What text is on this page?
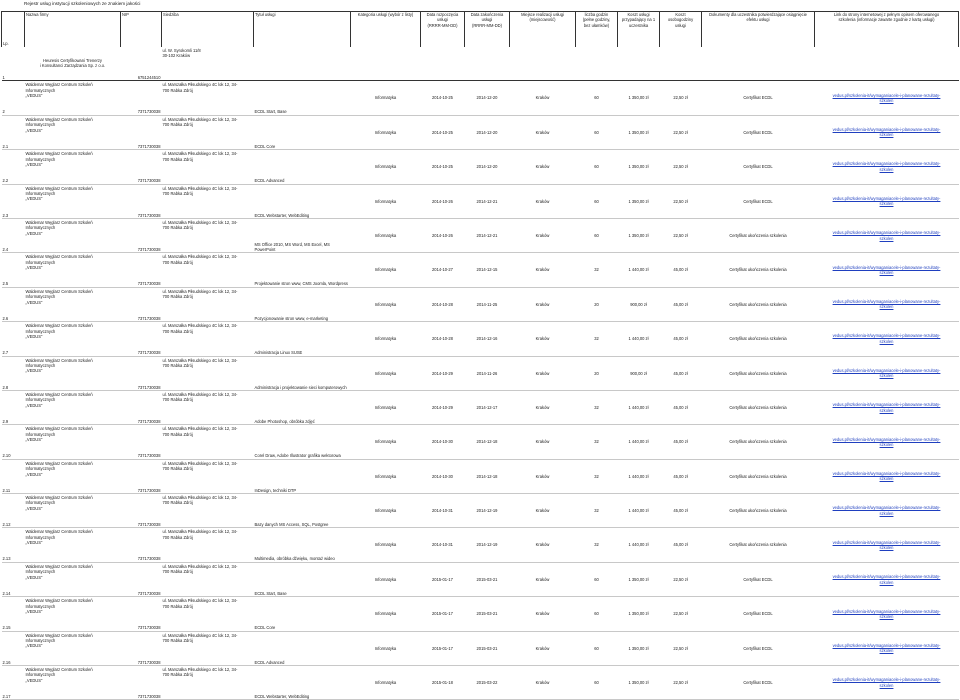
Rejestr usług instytucji szkoleniowych ze znakiem jakości
Lp.	Nazwa firmy	NIP	Siedziba	Tytuł usługi	Kategoria usługi (wybór z listy)	Data rozpoczęcia
usługi
(RRRR-MM-DD)	Data zakończenia
usługi
(RRRR-MM-DD)	Miejsce realizacji usługi
(miejscowość)	liczba godzin
(pełne godziny,
bez ułamków)	Koszt usługi
przypadający na 1
uczestnika	Koszt
osobogodziny
usługi	Dokumenty dla uczestnika potwierdzające osiągnięcie
efektu usługi	Link do strony internetowej z pełnym opisem oferowanego
szkolenia (informacje zawarte zgodnie z kartą usługi)

1	Heuresis Certyfikowani Trenerzy
i Konsultanci Zarządzania Sp. z o.o.	6751244510	ul. W. Syrokomli 11/8
30-102 Kraków										

2	Waldemar Węglarz Centrum Szkoleń
Informatycznych
„VEDUS”	7371730038	ul. Marszałka Piłsudskiego 4C lok 12, 34-
700 Rabka Zdrój	ECDL Start, Base	Informatyka	2014-10-25	2014-12-20	Kraków	60	1 350,00 zł	22,50 zł	Certyfikat ECDL	vedus.pl/szkolenia-it/wymaganiacele-i-planowane-rezultaty-
szkolen

2.1	Waldemar Węglarz Centrum Szkoleń
Informatycznych
„VEDUS”	7371730038	ul. Marszałka Piłsudskiego 4C lok 12, 34-
700 Rabka Zdrój	ECDL Core	Informatyka	2014-10-25	2014-12-20	Kraków	60	1 350,00 zł	22,50 zł	Certyfikat ECDL	vedus.pl/szkolenia-it/wymaganiacele-i-planowane-rezultaty-
szkolen

2.2	Waldemar Węglarz Centrum Szkoleń
Informatycznych
„VEDUS”	7371730038	ul. Marszałka Piłsudskiego 4C lok 12, 34-
700 Rabka Zdrój	ECDL Advanced	Informatyka	2014-10-25	2014-12-20	Kraków	60	1 350,00 zł	22,50 zł	Certyfikat ECDL	vedus.pl/szkolenia-it/wymaganiacele-i-planowane-rezultaty-
szkolen

2.3	Waldemar Węglarz Centrum Szkoleń
Informatycznych
„VEDUS”	7371730038	ul. Marszałka Piłsudskiego 4C lok 12, 34-
700 Rabka Zdrój	ECDL Webstarter, WebEditing	Informatyka	2014-10-26	2014-12-21	Kraków	60	1 350,00 zł	22,50 zł	Certyfikat ECDL	vedus.pl/szkolenia-it/wymaganiacele-i-planowane-rezultaty-
szkolen

2.4	Waldemar Węglarz Centrum Szkoleń
Informatycznych
„VEDUS”	7371730038	ul. Marszałka Piłsudskiego 4C lok 12, 34-
700 Rabka Zdrój	MS Office 2010, MS Word, MS Excel, MS PowerPoint	Informatyka	2014-10-26	2014-12-21	Kraków	60	1 350,00 zł	22,50 zł	Certyfikat ukończenia szkolenia	vedus.pl/szkolenia-it/wymaganiacele-i-planowane-rezultaty-
szkolen

2.5	Waldemar Węglarz Centrum Szkoleń
Informatycznych
„VEDUS”	7371730038	ul. Marszałka Piłsudskiego 4C lok 12, 34-
700 Rabka Zdrój	Projektowanie stron www, CMS Joomla, Wordpress	Informatyka	2014-10-27	2014-12-15	Kraków	32	1 440,00 zł	45,00 zł	Certyfikat ukończenia szkolenia	vedus.pl/szkolenia-it/wymaganiacele-i-planowane-rezultaty-
szkolen

2.6	Waldemar Węglarz Centrum Szkoleń
Informatycznych
„VEDUS”	7371730038	ul. Marszałka Piłsudskiego 4C lok 12, 34-
700 Rabka Zdrój	Pozycjonowanie stron www, e-marketing	Informatyka	2014-10-28	2014-11-25	Kraków	20	900,00 zł	45,00 zł	Certyfikat ukończenia szkolenia	vedus.pl/szkolenia-it/wymaganiacele-i-planowane-rezultaty-
szkolen

2.7	Waldemar Węglarz Centrum Szkoleń
Informatycznych
„VEDUS”	7371730038	ul. Marszałka Piłsudskiego 4C lok 12, 34-
700 Rabka Zdrój	Administracja Linux SUSE	Informatyka	2014-10-28	2014-12-16	Kraków	32	1 440,00 zł	45,00 zł	Certyfikat ukończenia szkolenia	vedus.pl/szkolenia-it/wymaganiacele-i-planowane-rezultaty-
szkolen

2.8	Waldemar Węglarz Centrum Szkoleń
Informatycznych
„VEDUS”	7371730038	ul. Marszałka Piłsudskiego 4C lok 12, 34-
700 Rabka Zdrój	Administracja i projektowanie sieci komputerowych	Informatyka	2014-10-29	2014-11-26	Kraków	20	900,00 zł	45,00 zł	Certyfikat ukończenia szkolenia	vedus.pl/szkolenia-it/wymaganiacele-i-planowane-rezultaty-
szkolen

2.9	Waldemar Węglarz Centrum Szkoleń
Informatycznych
„VEDUS”	7371730038	ul. Marszałka Piłsudskiego 4C lok 12, 34-
700 Rabka Zdrój	Adobe Photoshop, obróbka zdjęć	Informatyka	2014-10-29	2014-12-17	Kraków	32	1 440,00 zł	45,00 zł	Certyfikat ukończenia szkolenia	vedus.pl/szkolenia-it/wymaganiacele-i-planowane-rezultaty-
szkolen

2.10	Waldemar Węglarz Centrum Szkoleń
Informatycznych
„VEDUS”	7371730038	ul. Marszałka Piłsudskiego 4C lok 12, 34-
700 Rabka Zdrój	Corel Draw, Adobe Illustrator grafika wektorowa	Informatyka	2014-10-30	2014-12-18	Kraków	32	1 440,00 zł	45,00 zł	Certyfikat ukończenia szkolenia	vedus.pl/szkolenia-it/wymaganiacele-i-planowane-rezultaty-
szkolen

2.11	Waldemar Węglarz Centrum Szkoleń
Informatycznych
„VEDUS”	7371730038	ul. Marszałka Piłsudskiego 4C lok 12, 34-
700 Rabka Zdrój	InDesign, techniki DTP	Informatyka	2014-10-30	2014-12-18	Kraków	32	1 440,00 zł	45,00 zł	Certyfikat ukończenia szkolenia	vedus.pl/szkolenia-it/wymaganiacele-i-planowane-rezultaty-
szkolen

2.12	Waldemar Węglarz Centrum Szkoleń
Informatycznych
„VEDUS”	7371730038	ul. Marszałka Piłsudskiego 4C lok 12, 34-
700 Rabka Zdrój	Bazy danych MS Access, SQL, Postgree	Informatyka	2014-10-31	2014-12-19	Kraków	32	1 440,00 zł	45,00 zł	Certyfikat ukończenia szkolenia	vedus.pl/szkolenia-it/wymaganiacele-i-planowane-rezultaty-
szkolen

2.13	Waldemar Węglarz Centrum Szkoleń
Informatycznych
„VEDUS”	7371730038	ul. Marszałka Piłsudskiego 4C lok 12, 34-
700 Rabka Zdrój	Multimedia, obróbka dźwięku, montaż wideo	Informatyka	2014-10-31	2014-12-19	Kraków	32	1 440,00 zł	45,00 zł	Certyfikat ukończenia szkolenia	vedus.pl/szkolenia-it/wymaganiacele-i-planowane-rezultaty-
szkolen

2.14	Waldemar Węglarz Centrum Szkoleń
Informatycznych
„VEDUS”	7371730038	ul. Marszałka Piłsudskiego 4C lok 12, 34-
700 Rabka Zdrój	ECDL Start, Base	Informatyka	2015-01-17	2015-03-21	Kraków	60	1 350,00 zł	22,50 zł	Certyfikat ECDL	vedus.pl/szkolenia-it/wymaganiacele-i-planowane-rezultaty-
szkolen

2.15	Waldemar Węglarz Centrum Szkoleń
Informatycznych
„VEDUS”	7371730038	ul. Marszałka Piłsudskiego 4C lok 12, 34-
700 Rabka Zdrój	ECDL Core	Informatyka	2015-01-17	2015-03-21	Kraków	60	1 350,00 zł	22,50 zł	Certyfikat ECDL	vedus.pl/szkolenia-it/wymaganiacele-i-planowane-rezultaty-
szkolen

2.16	Waldemar Węglarz Centrum Szkoleń
Informatycznych
„VEDUS”	7371730038	ul. Marszałka Piłsudskiego 4C lok 12, 34-
700 Rabka Zdrój	ECDL Advanced	Informatyka	2015-01-17	2015-03-21	Kraków	60	1 350,00 zł	22,50 zł	Certyfikat ECDL	vedus.pl/szkolenia-it/wymaganiacele-i-planowane-rezultaty-
szkolen

2.17	Waldemar Węglarz Centrum Szkoleń
Informatycznych
„VEDUS”	7371730038	ul. Marszałka Piłsudskiego 4C lok 12, 34-
700 Rabka Zdrój	ECDL Webstarter, WebEditing	Informatyka	2015-01-18	2015-03-22	Kraków	60	1 350,00 zł	22,50 zł	Certyfikat ECDL	vedus.pl/szkolenia-it/wymaganiacele-i-planowane-rezultaty-
szkolen
